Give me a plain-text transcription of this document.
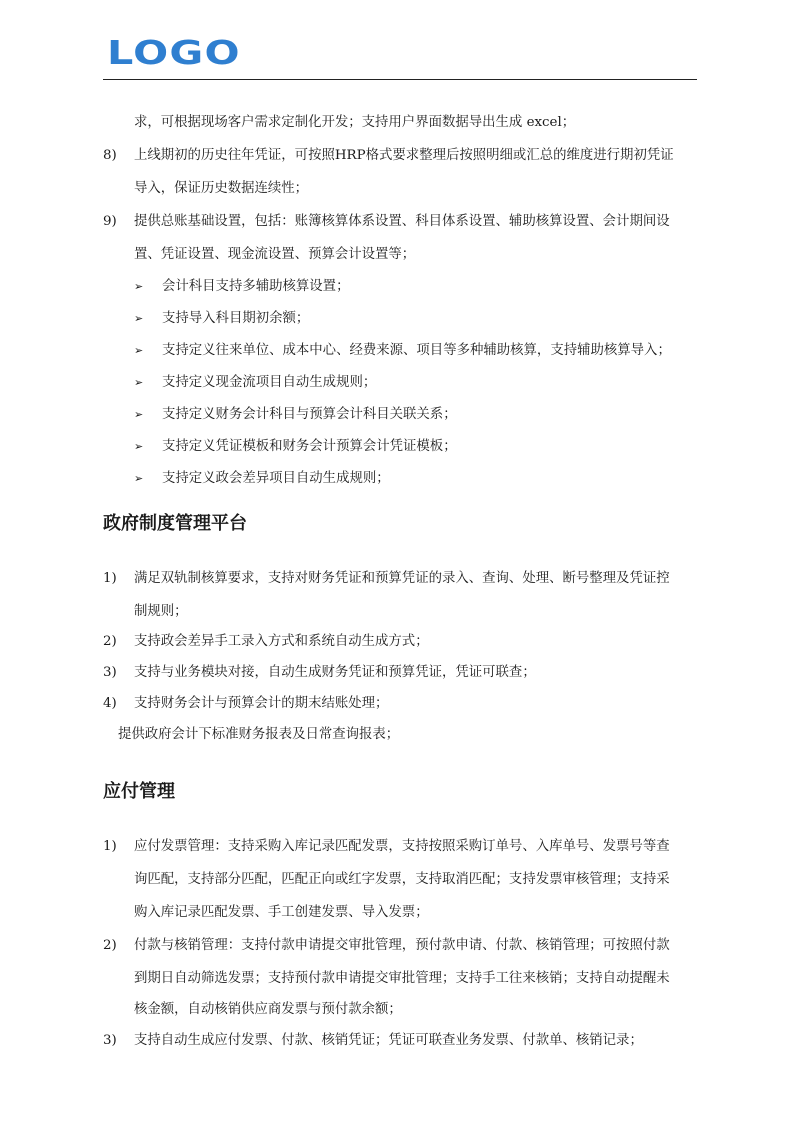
LOGO
求，可根据现场客户需求定制化开发；支持用户界面数据导出生成 excel；
8) 上线期初的历史往年凭证，可按照HRP格式要求整理后按照明细或汇总的维度进行期初凭证
导入，保证历史数据连续性；
9) 提供总账基础设置，包括：账簿核算体系设置、科目体系设置、辅助核算设置、会计期间设
置、凭证设置、现金流设置、预算会计设置等；
➢ 会计科目支持多辅助核算设置；
➢ 支持导入科目期初余额；
➢ 支持定义往来单位、成本中心、经费来源、项目等多种辅助核算，支持辅助核算导入；
➢ 支持定义现金流项目自动生成规则；
➢ 支持定义财务会计科目与预算会计科目关联关系；
➢ 支持定义凭证模板和财务会计预算会计凭证模板；
➢ 支持定义政会差异项目自动生成规则；
政府制度管理平台
1) 满足双轨制核算要求，支持对财务凭证和预算凭证的录入、查询、处理、断号整理及凭证控
制规则；
2) 支持政会差异手工录入方式和系统自动生成方式；
3) 支持与业务模块对接，自动生成财务凭证和预算凭证，凭证可联查；
4) 支持财务会计与预算会计的期末结账处理；
提供政府会计下标准财务报表及日常查询报表；
应付管理
1) 应付发票管理：支持采购入库记录匹配发票，支持按照采购订单号、入库单号、发票号等查
询匹配，支持部分匹配，匹配正向或红字发票，支持取消匹配；支持发票审核管理；支持采
购入库记录匹配发票、手工创建发票、导入发票；
2) 付款与核销管理：支持付款申请提交审批管理，预付款申请、付款、核销管理；可按照付款
到期日自动筛选发票；支持预付款申请提交审批管理；支持手工往来核销；支持自动提醒未
核金额，自动核销供应商发票与预付款余额；
3) 支持自动生成应付发票、付款、核销凭证；凭证可联查业务发票、付款单、核销记录；
